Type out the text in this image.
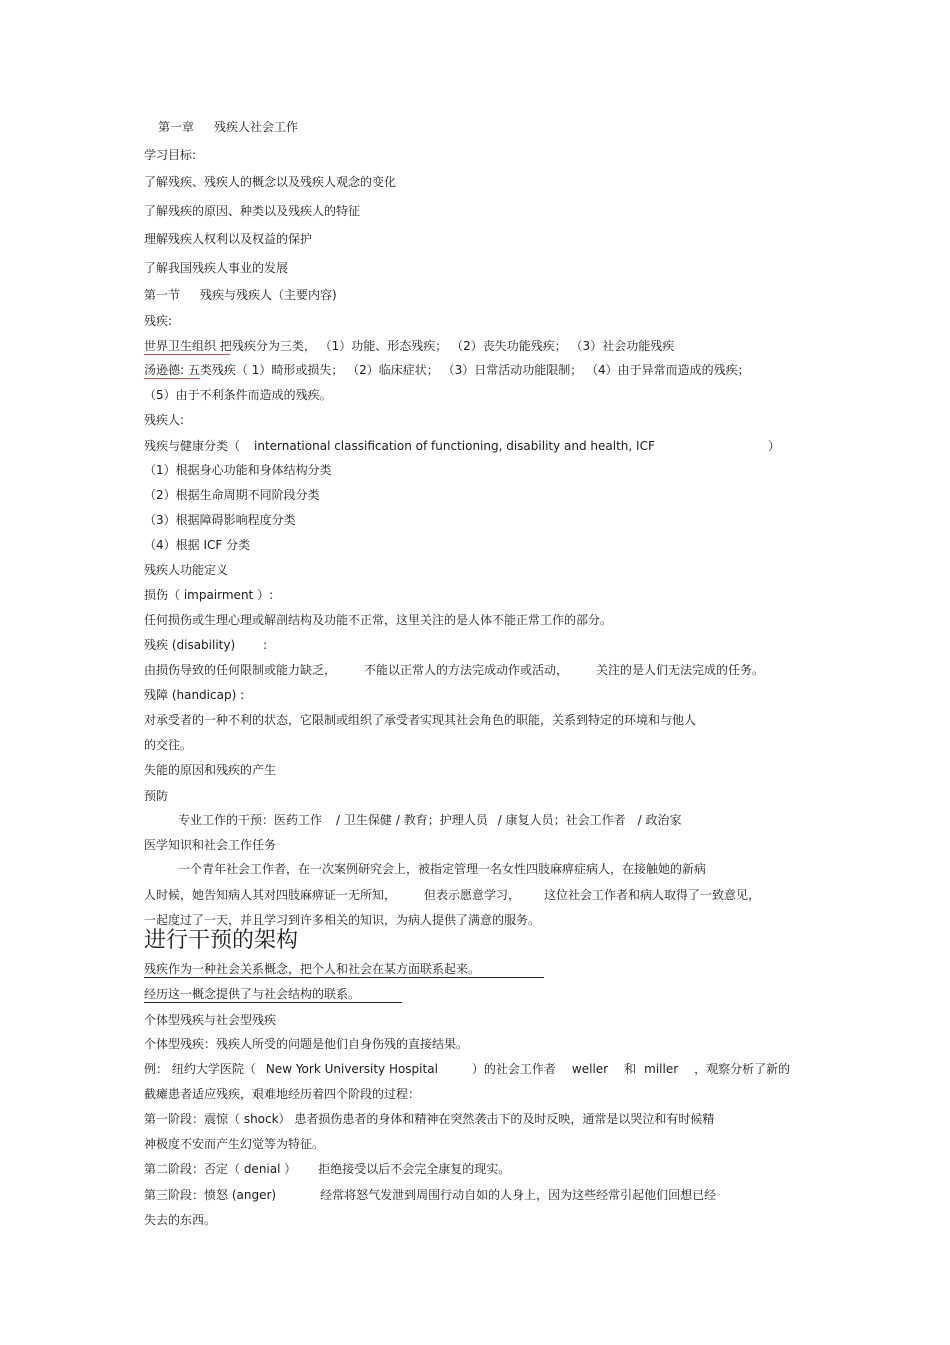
第一章 残疾人社会工作
学习目标:
了解残疾、残疾人的概念以及残疾人观念的变化
了解残疾的原因、种类以及残疾人的特征
理解残疾人权利以及权益的保护
了解我国残疾人事业的发展
第一节 残疾与残疾人（主要内容)
残疾:
世界卫生组织 把残疾分为三类， （1）功能、形态残疾； （2）丧失功能残疾； （3）社会功能残疾
汤逊德: 五类残疾（ 1）畸形或损失； （2）临床症状； （3）日常活动功能限制； （4）由于异常而造成的残疾；
（5）由于不利条件而造成的残疾。
残疾人:
残疾与健康分类（ international classification of functioning, disability and health, ICF	）
（1）根据身心功能和身体结构分类
（2）根据生命周期不同阶段分类
（3）根据障碍影响程度分类
（4）根据 ICF 分类
残疾人功能定义
损伤（ impairment ）:
任何损伤或生理心理或解剖结构及功能不正常，这里关注的是人体不能正常工作的部分。
残疾 (disability) :
由损伤导致的任何限制或能力缺乏， 不能以正常人的方法完成动作或活动， 关注的是人们无法完成的任务。
残障 (handicap) :
对承受者的一种不利的状态，它限制或组织了承受者实现其社会角色的职能，关系到特定的环境和与他人
的交往。
失能的原因和残疾的产生
预防
专业工作的干预：医药工作 / 卫生保健 / 教育；护理人员 / 康复人员；社会工作者 / 政治家
医学知识和社会工作任务
一个青年社会工作者，在一次案例研究会上，被指定管理一名女性四肢麻痹症病人，在接触她的新病
人时候，她告知病人其对四肢麻痹证一无所知， 但表示愿意学习， 这位社会工作者和病人取得了一致意见，
一起度过了一天，并且学习到许多相关的知识，为病人提供了满意的服务。
进行干预的架构
残疾作为一种社会关系概念，把个人和社会在某方面联系起来。
经历这一概念提供了与社会结构的联系。
个体型残疾与社会型残疾
个体型残疾：残疾人所受的问题是他们自身伤残的直接结果。
例： 纽约大学医院（ New York University Hospital	）的社会工作者 weller 和 miller ，观察分析了新的
截瘫患者适应残疾，艰难地经历着四个阶段的过程：
第一阶段：震惊（ shock） 患者损伤患者的身体和精神在突然袭击下的及时反映，通常是以哭泣和有时候精
神极度不安而产生幻觉等为特征。
第二阶段：否定（ denial ） 拒绝接受以后不会完全康复的现实。
第三阶段：愤怒 (anger)	经常将怒气发泄到周围行动自如的人身上，因为这些经常引起他们回想已经
失去的东西。
